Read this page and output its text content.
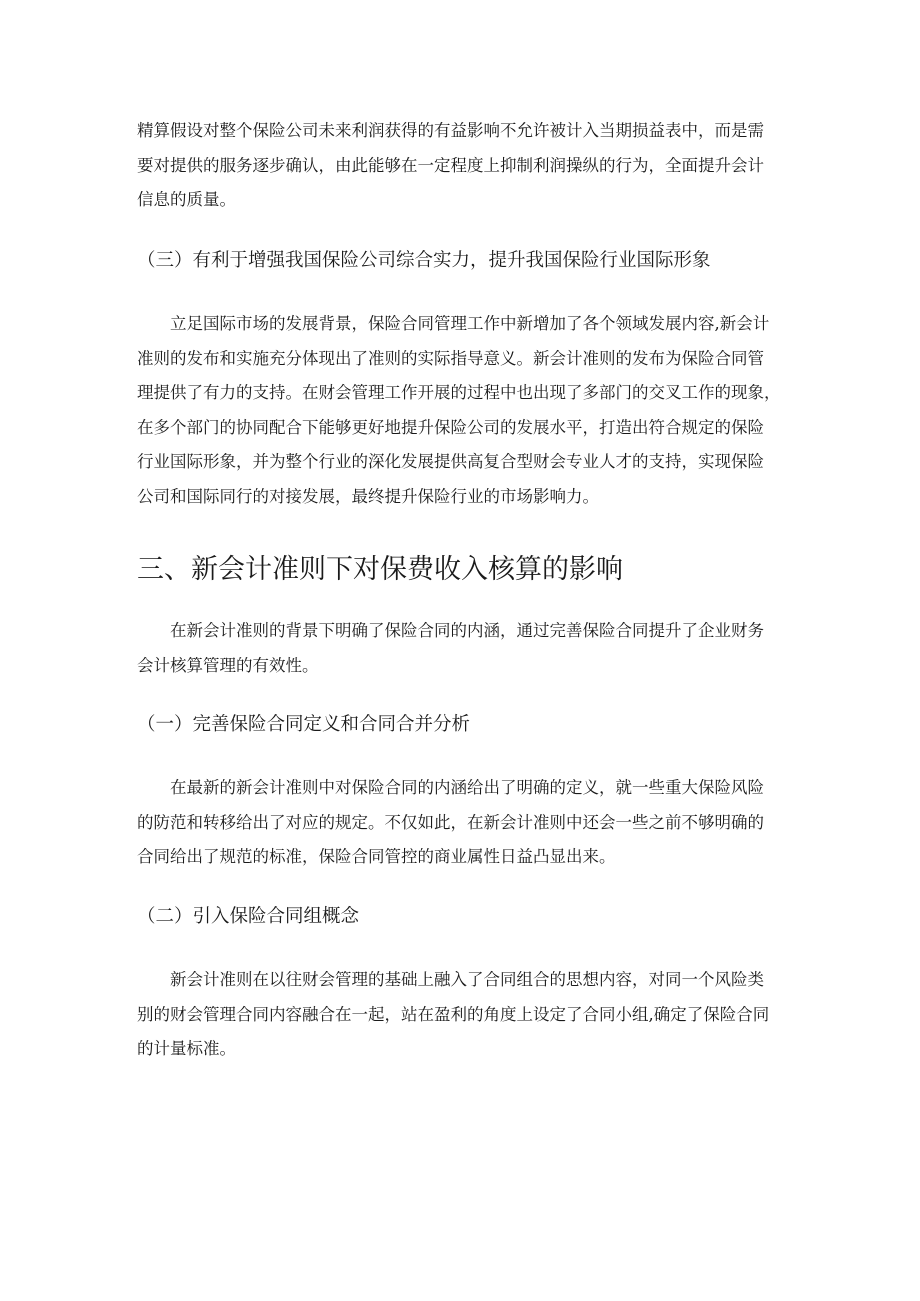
精算假设对整个保险公司未来利润获得的有益影响不允许被计入当期损益表中，而是需
要对提供的服务逐步确认，由此能够在一定程度上抑制利润操纵的行为，全面提升会计
信息的质量。
（三）有利于增强我国保险公司综合实力，提升我国保险行业国际形象
立足国际市场的发展背景，保险合同管理工作中新增加了各个领域发展内容,新会计
准则的发布和实施充分体现出了准则的实际指导意义。新会计准则的发布为保险合同管
理提供了有力的支持。在财会管理工作开展的过程中也出现了多部门的交叉工作的现象，
在多个部门的协同配合下能够更好地提升保险公司的发展水平，打造出符合规定的保险
行业国际形象，并为整个行业的深化发展提供高复合型财会专业人才的支持，实现保险
公司和国际同行的对接发展，最终提升保险行业的市场影响力。
三、新会计准则下对保费收入核算的影响
在新会计准则的背景下明确了保险合同的内涵，通过完善保险合同提升了企业财务
会计核算管理的有效性。
（一）完善保险合同定义和合同合并分析
在最新的新会计准则中对保险合同的内涵给出了明确的定义，就一些重大保险风险
的防范和转移给出了对应的规定。不仅如此，在新会计准则中还会一些之前不够明确的
合同给出了规范的标准，保险合同管控的商业属性日益凸显出来。
（二）引入保险合同组概念
新会计准则在以往财会管理的基础上融入了合同组合的思想内容，对同一个风险类
别的财会管理合同内容融合在一起，站在盈利的角度上设定了合同小组,确定了保险合同
的计量标准。
